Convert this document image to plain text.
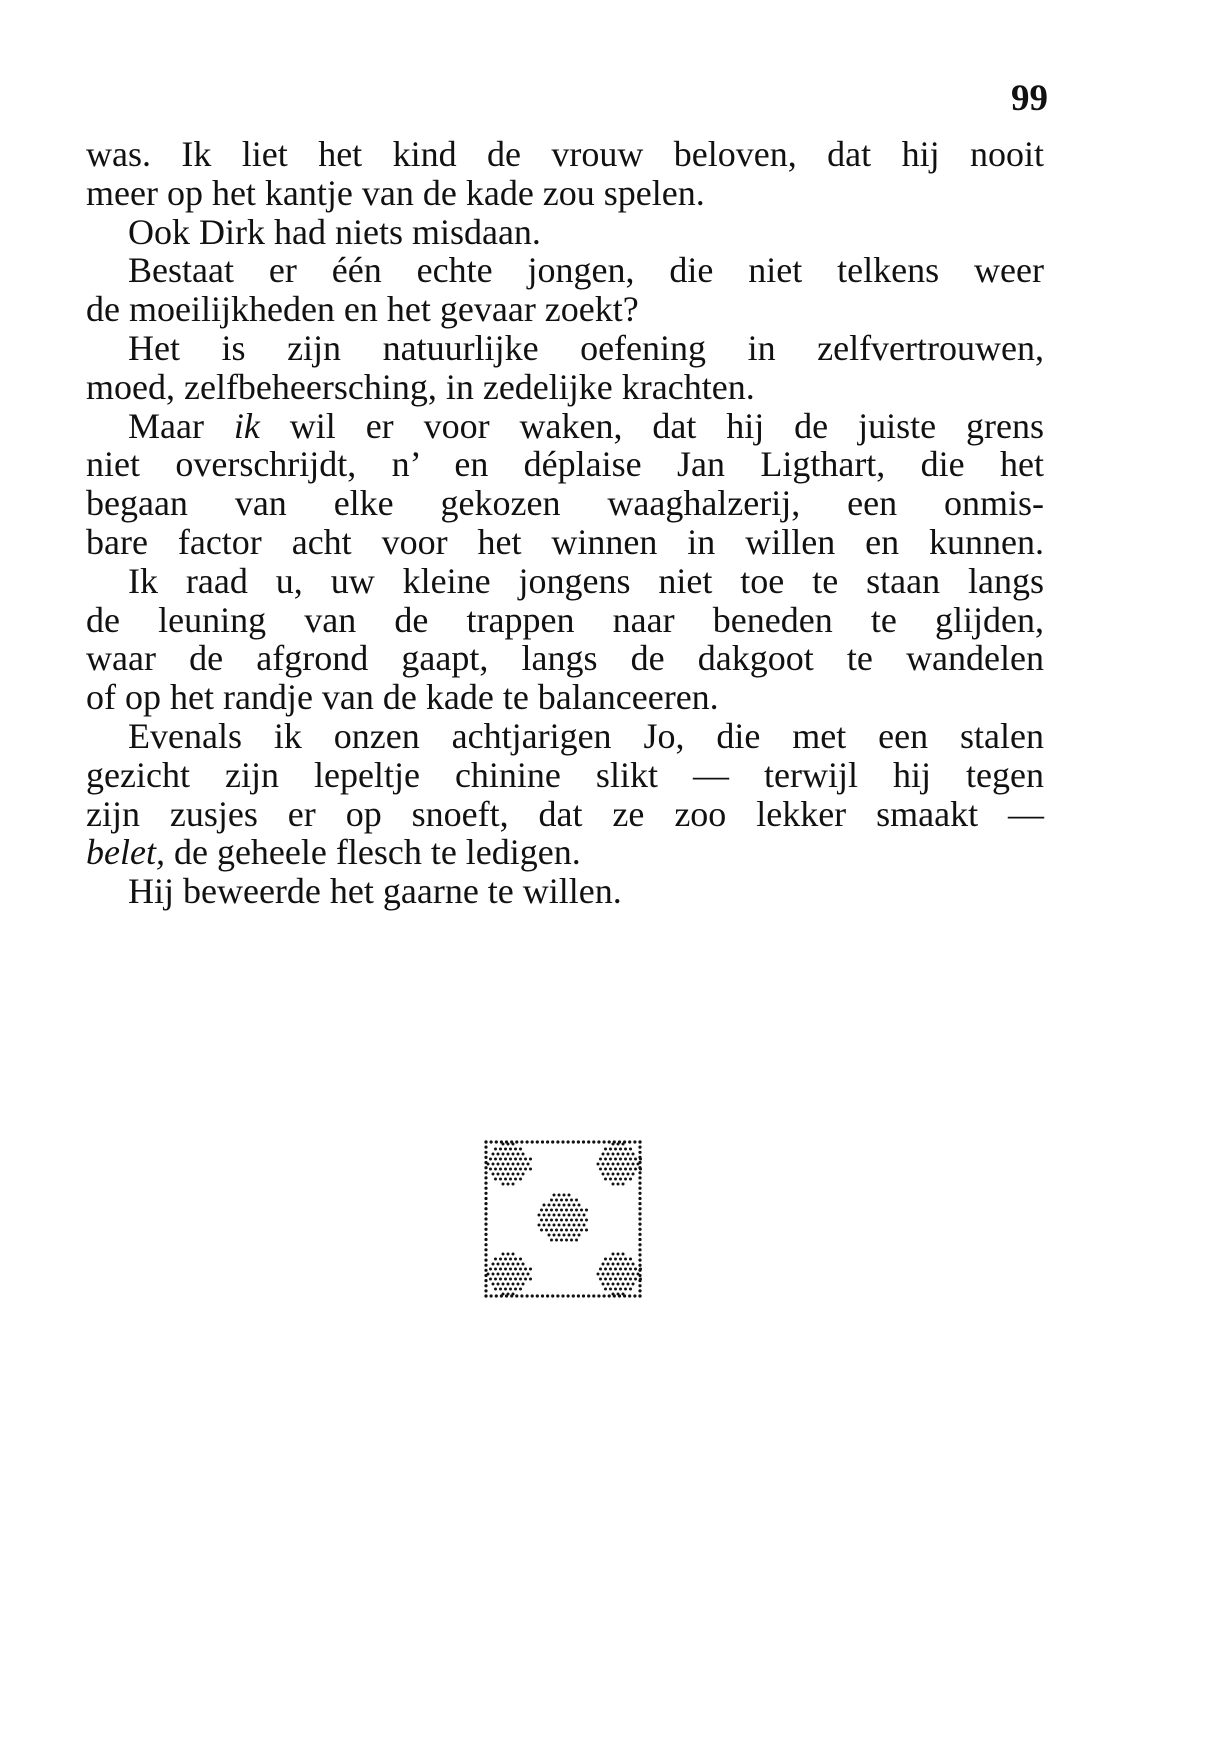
99
was. Ik liet het kind de vrouw beloven, dat hij nooit
meer op het kantje van de kade zou spelen.
Ook Dirk had niets misdaan.
Bestaat er één echte jongen, die niet telkens weer
de moeilijkheden en het gevaar zoekt?
Het is zijn natuurlijke oefening in zelfvertrouwen,
moed, zelfbeheersching, in zedelijke krachten.
Maar ik wil er voor waken, dat hij de juiste grens
niet overschrijdt, n’ en déplaise Jan Ligthart, die het
begaan van elke gekozen waaghalzerij, een onmis-
bare factor acht voor het winnen in willen en kunnen.
Ik raad u, uw kleine jongens niet toe te staan langs
de leuning van de trappen naar beneden te glijden,
waar de afgrond gaapt, langs de dakgoot te wandelen
of op het randje van de kade te balanceeren.
Evenals ik onzen achtjarigen Jo, die met een stalen
gezicht zijn lepeltje chinine slikt — terwijl hij tegen
zijn zusjes er op snoeft, dat ze zoo lekker smaakt —
belet, de geheele flesch te ledigen.
Hij beweerde het gaarne te willen.
